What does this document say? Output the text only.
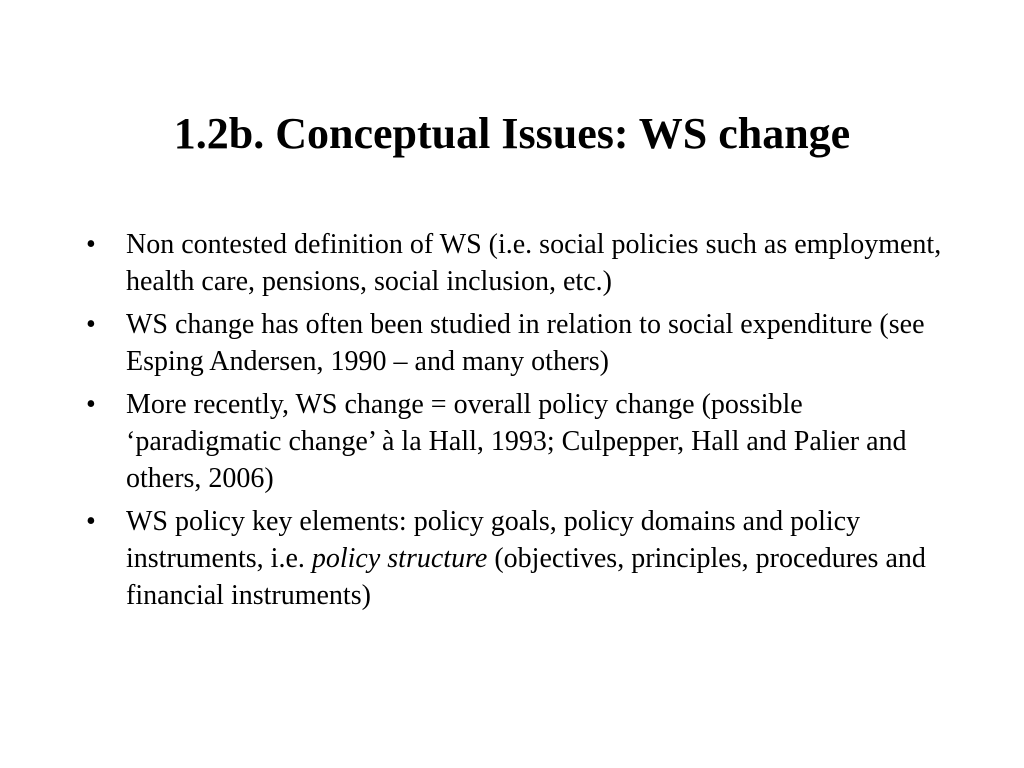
1.2b. Conceptual Issues: WS change
•	Non contested definition of WS (i.e. social policies such as employment, health care, pensions, social inclusion, etc.)
•	WS change has often been studied in relation to social expenditure (see Esping Andersen, 1990 – and many others)
•	More recently, WS change = overall policy change (possible ‘paradigmatic change’ à la Hall, 1993; Culpepper, Hall and Palier and others, 2006)
•	WS policy key elements: policy goals, policy domains and policy instruments, i.e. policy structure (objectives, principles, procedures and financial instruments)
